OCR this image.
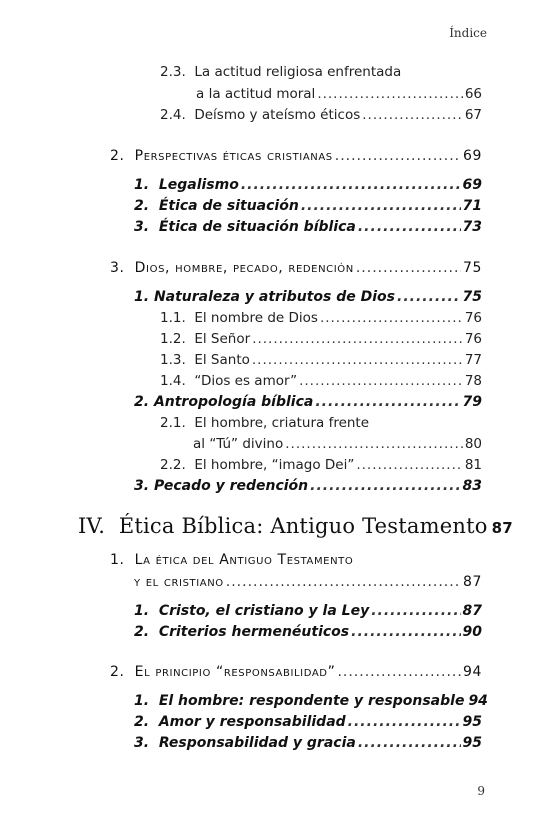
Índice
2.3. La actitud religiosa enfrentada
a la actitud moral .....	66
2.4. Deísmo y ateísmo éticos .....	67
2. Perspectivas éticas cristianas .....	69
1. Legalismo .....	69
2. Ética de situación .....	71
3. Ética de situación bíblica .....	73
3. Dios, hombre, pecado, redención .....	75
1. Naturaleza y atributos de Dios .....	75
1.1. El nombre de Dios .....	76
1.2. El Señor .....	76
1.3. El Santo .....	77
1.4. “Dios es amor” .....	78
2. Antropología bíblica .....	79
2.1. El hombre, criatura frente
al “Tú” divino .....	80
2.2. El hombre, “imago Dei” .....	81
3. Pecado y redención .....	83
IV. Ética Bíblica: Antiguo Testamento 87
1. La ética del Antiguo Testamento
y el cristiano .....	87
1. Cristo, el cristiano y la Ley .....	87
2. Criterios hermenéuticos .....	90
2. El principio “responsabilidad” .....	94
1. El hombre: respondente y responsable 94
2. Amor y responsabilidad .....	95
3. Responsabilidad y gracia .....	95
9
